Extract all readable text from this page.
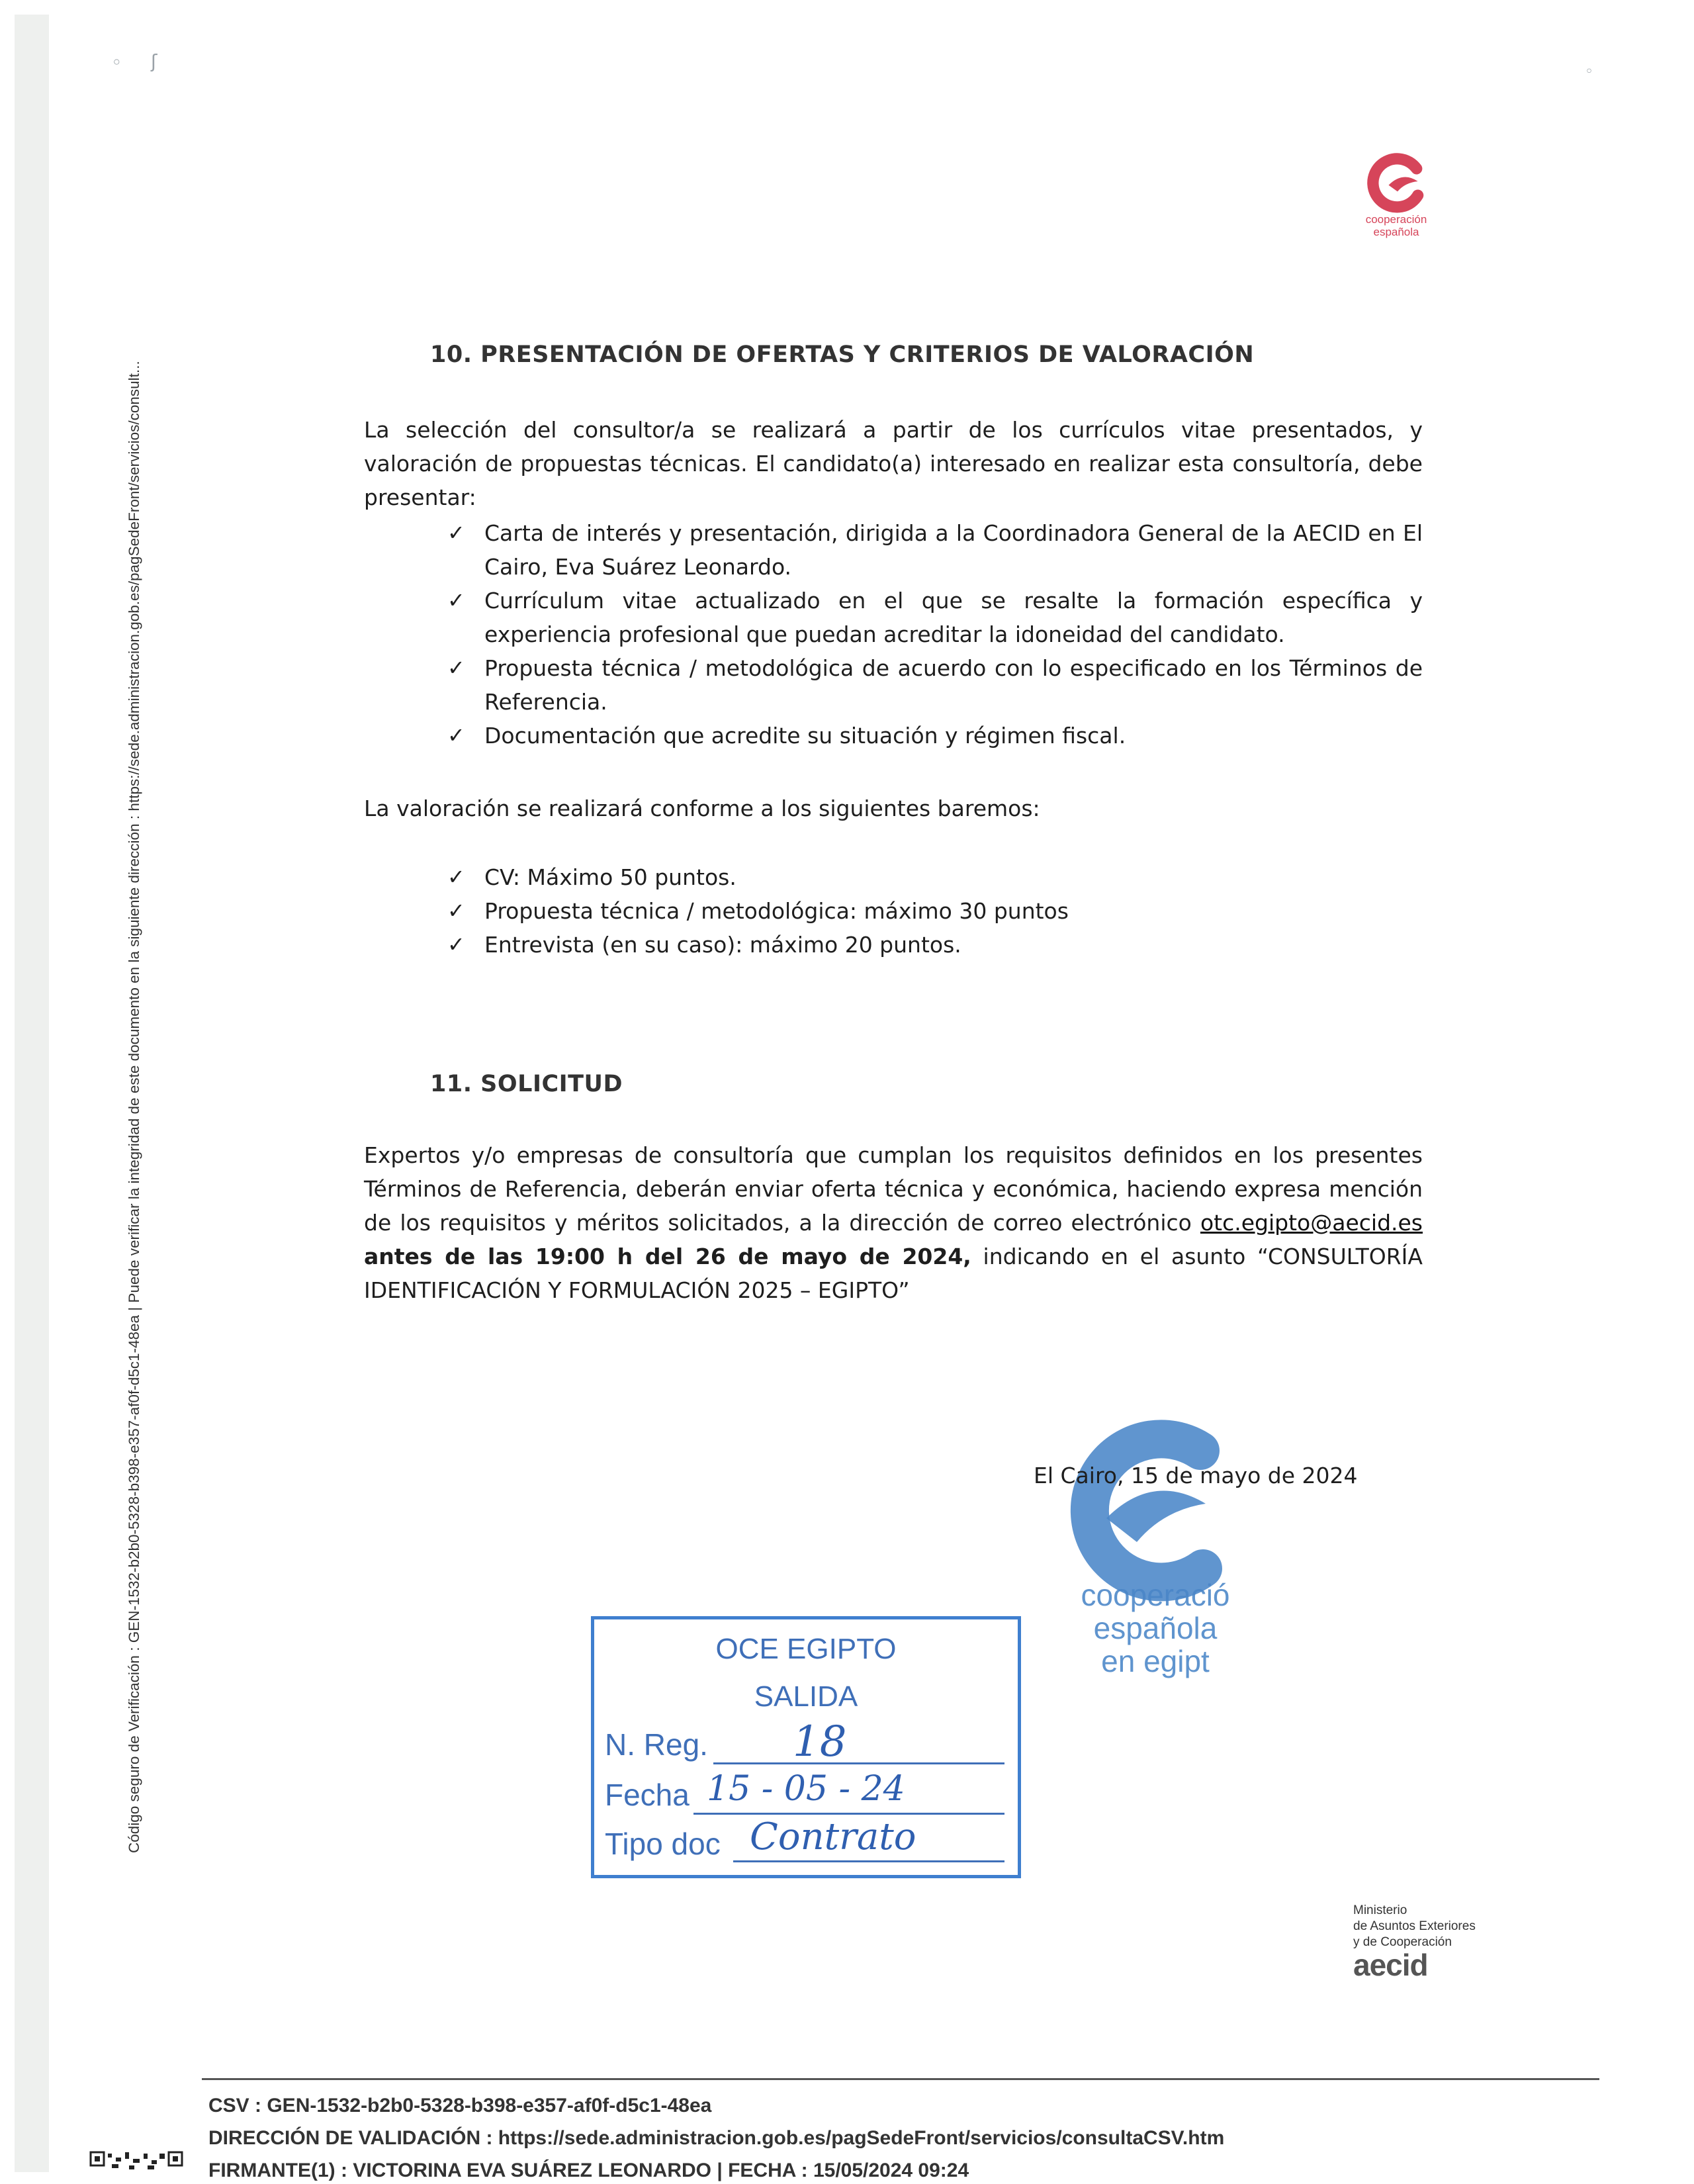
◦ ʃ	◦
Código seguro de Verificación : GEN-1532-b2b0-5328-b398-e357-af0f-d5c1-48ea | Puede verificar la integridad de este documento en la siguiente dirección : https://sede.administracion.gob.es/pagSedeFront/servicios/consult...
cooperación
española
10. PRESENTACIÓN DE OFERTAS Y CRITERIOS DE VALORACIÓN
La selección del consultor/a se realizará a partir de los currículos vitae presentados, y valoración de propuestas técnicas. El candidato(a) interesado en realizar esta consultoría, debe presentar:
✓ Carta de interés y presentación, dirigida a la Coordinadora General de la AECID en El Cairo, Eva Suárez Leonardo.
✓ Currículum vitae actualizado en el que se resalte la formación específica y experiencia profesional que puedan acreditar la idoneidad del candidato.
✓ Propuesta técnica / metodológica de acuerdo con lo especificado en los Términos de Referencia.
✓ Documentación que acredite su situación y régimen fiscal.
La valoración se realizará conforme a los siguientes baremos:
✓ CV: Máximo 50 puntos.
✓ Propuesta técnica / metodológica: máximo 30 puntos
✓ Entrevista (en su caso): máximo 20 puntos.
11. SOLICITUD
Expertos y/o empresas de consultoría que cumplan los requisitos definidos en los presentes Términos de Referencia, deberán enviar oferta técnica y económica, haciendo expresa mención de los requisitos y méritos solicitados, a la dirección de correo electrónico otc.egipto@aecid.es antes de las 19:00 h del 26 de mayo de 2024, indicando en el asunto “CONSULTORÍA IDENTIFICACIÓN Y FORMULACIÓN 2025 – EGIPTO”
El Cairo, 15 de mayo de 2024
cooperació
española
en egipt
OCE EGIPTO
SALIDA
N. Reg. 18
Fecha 15 - 05 - 24
Tipo doc Contrato
Ministerio
de Asuntos Exteriores
y de Cooperación
aecid
CSV : GEN-1532-b2b0-5328-b398-e357-af0f-d5c1-48ea
DIRECCIÓN DE VALIDACIÓN : https://sede.administracion.gob.es/pagSedeFront/servicios/consultaCSV.htm
FIRMANTE(1) : VICTORINA EVA SUÁREZ LEONARDO | FECHA : 15/05/2024 09:24
